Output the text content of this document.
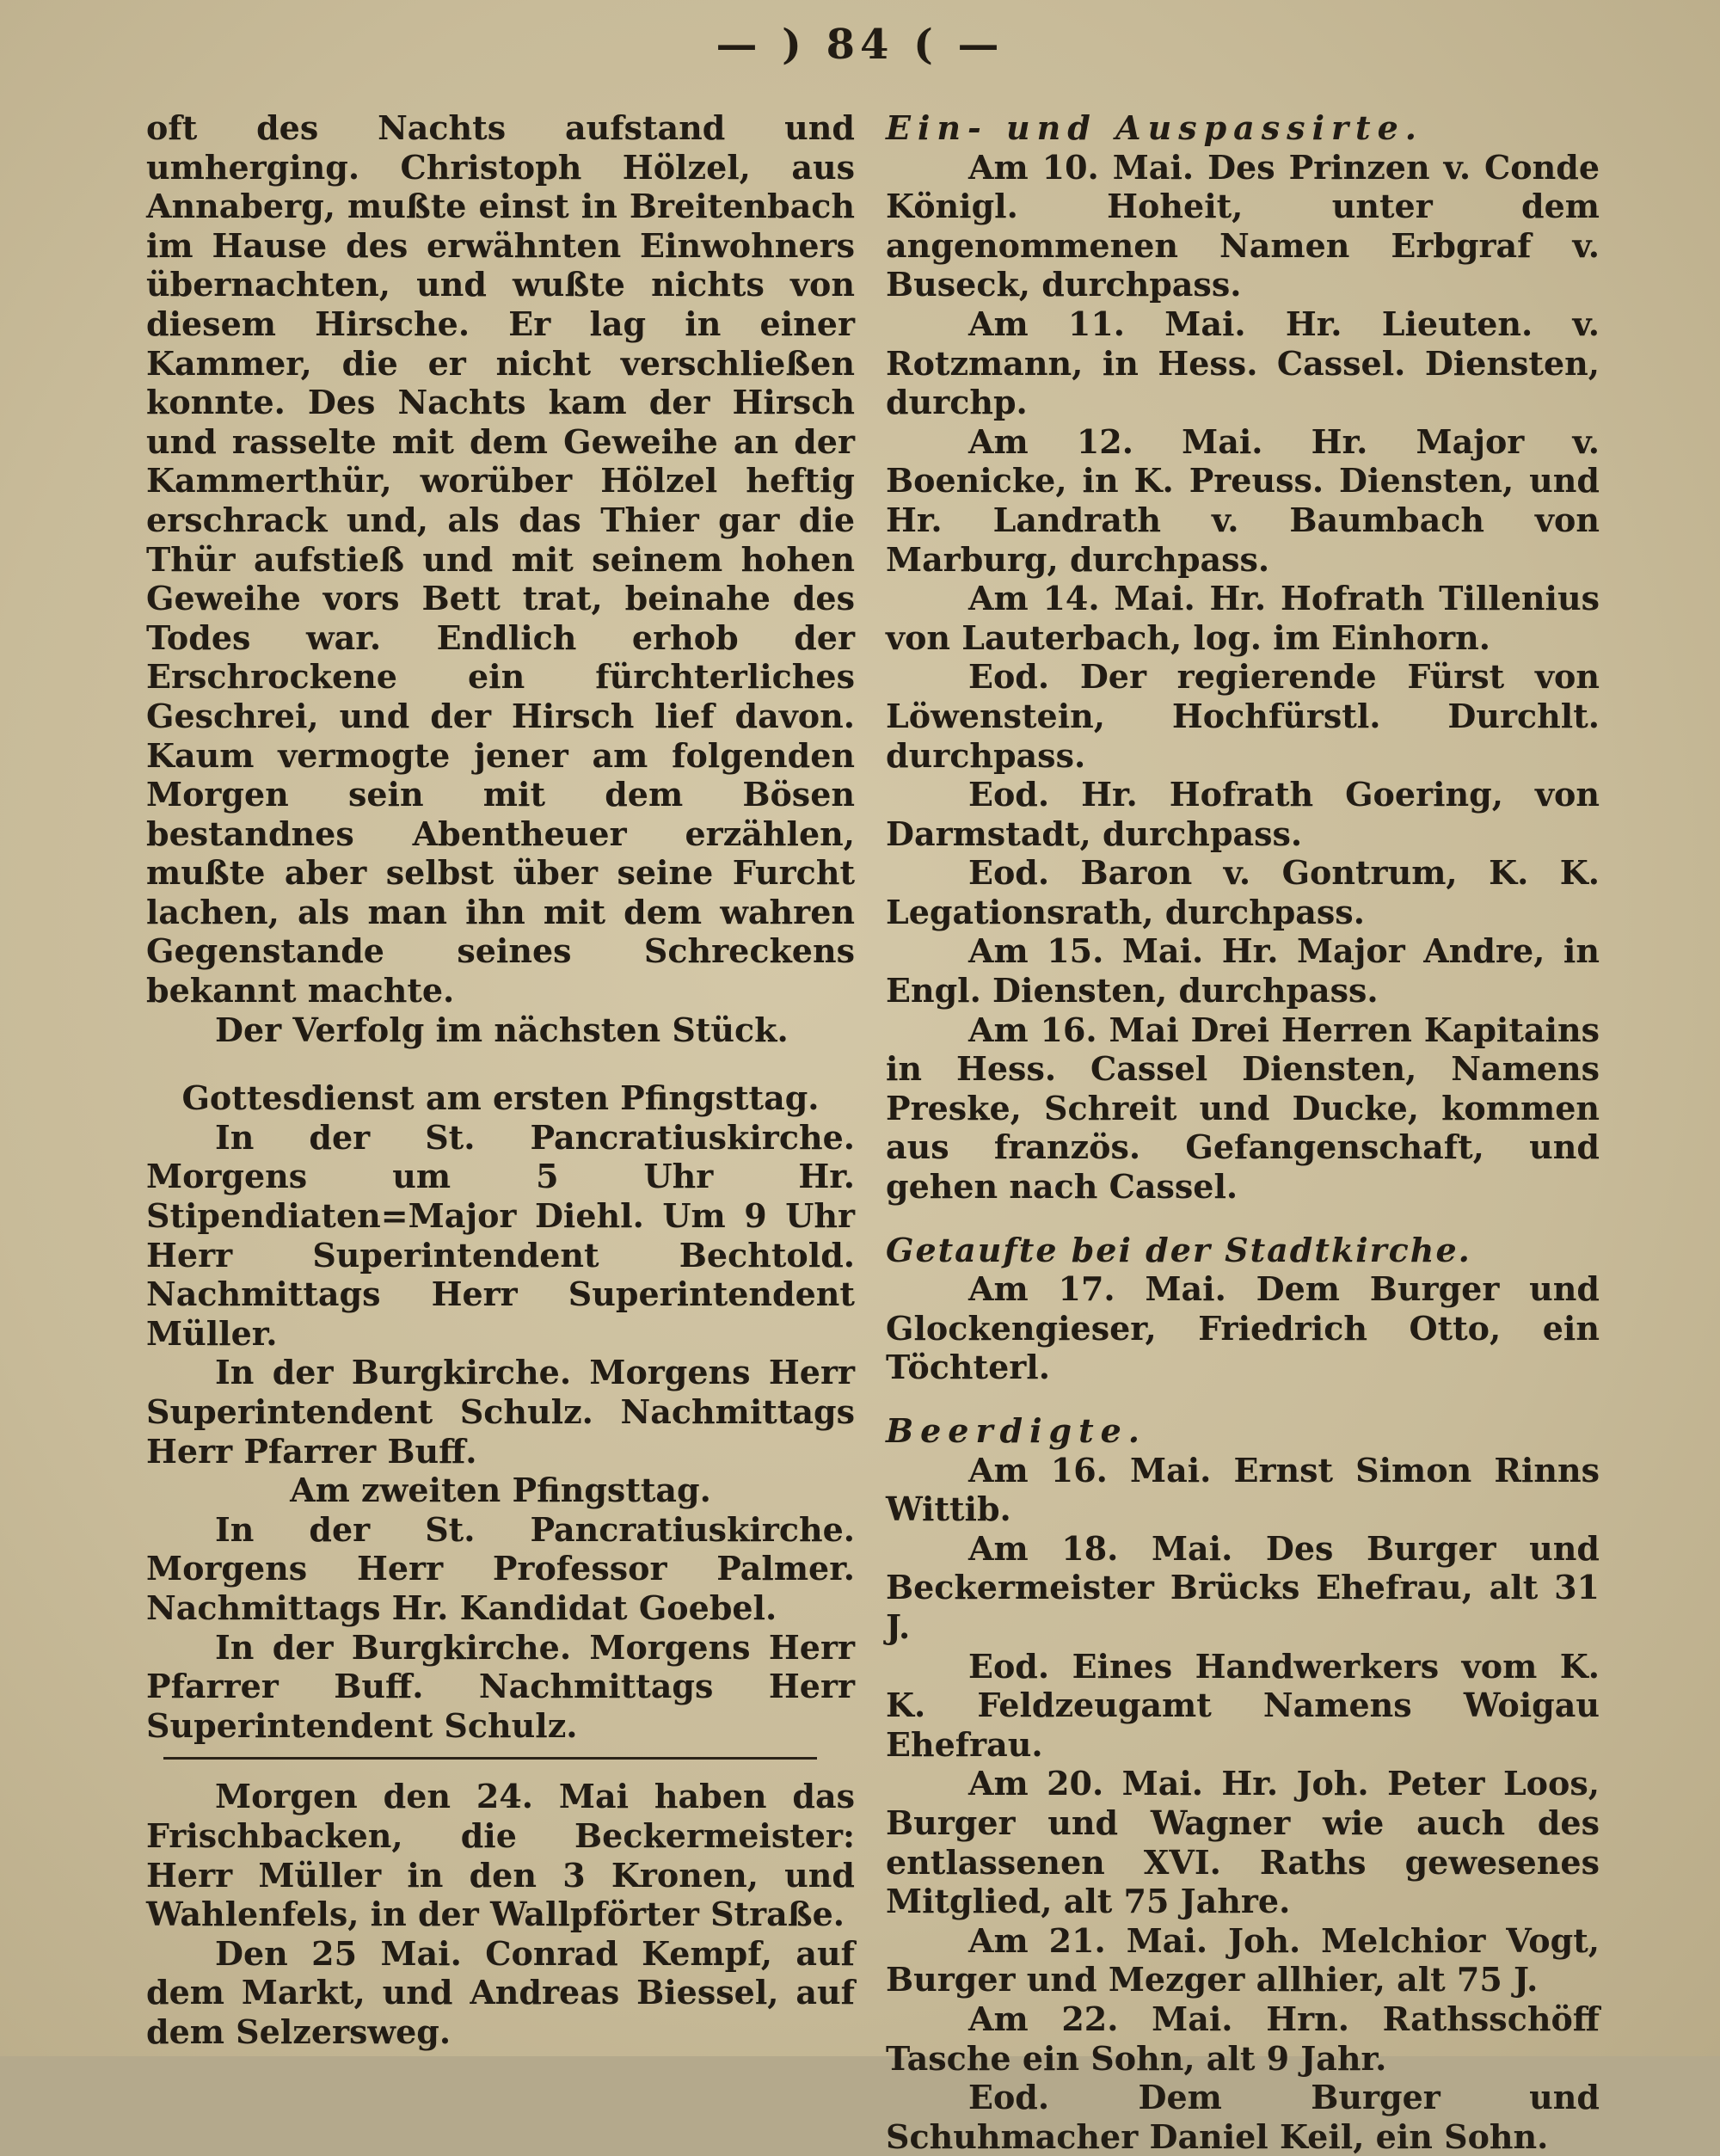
— ) 84 ( —

oft des Nachts aufstand und umherging. Christoph Hölzel, aus Annaberg, mußte einst in Breitenbach im Hause des erwähnten Einwohners übernachten, und wußte nichts von diesem Hirsche. Er lag in einer Kammer, die er nicht verschließen konnte. Des Nachts kam der Hirsch und rasselte mit dem Geweihe an der Kammerthür, worüber Hölzel heftig erschrack und, als das Thier gar die Thür aufstieß und mit seinem hohen Geweihe vors Bett trat, beinahe des Todes war. Endlich erhob der Erschrockene ein fürchterliches Geschrei, und der Hirsch lief davon. Kaum vermogte jener am folgenden Morgen sein mit dem Bösen bestandnes Abentheuer erzählen, mußte aber selbst über seine Furcht lachen, als man ihn mit dem wahren Gegenstande seines Schreckens bekannt machte.

Der Verfolg im nächsten Stück.

Gottesdienst am ersten Pfingsttag.

In der St. Pancratiuskirche. Morgens um 5 Uhr Hr. Stipendiaten=Major Diehl. Um 9 Uhr Herr Superintendent Bechtold. Nachmittags Herr Superintendent Müller.

In der Burgkirche. Morgens Herr Superintendent Schulz. Nachmittags Herr Pfarrer Buff.

Am zweiten Pfingsttag.

In der St. Pancratiuskirche. Morgens Herr Professor Palmer. Nachmittags Hr. Kandidat Goebel.

In der Burgkirche. Morgens Herr Pfarrer Buff. Nachmittags Herr Superintendent Schulz.

Morgen den 24. Mai haben das Frischbacken, die Beckermeister: Herr Müller in den 3 Kronen, und Wahlenfels, in der Wallpförter Straße.

Den 25 Mai. Conrad Kempf, auf dem Markt, und Andreas Biessel, auf dem Selzersweg.

Ein- und Auspassirte.

Am 10. Mai. Des Prinzen v. Conde Königl. Hoheit, unter dem angenommenen Namen Erbgraf v. Buseck, durchpass.

Am 11. Mai. Hr. Lieuten. v. Rotzmann, in Hess. Cassel. Diensten, durchp.

Am 12. Mai. Hr. Major v. Boenicke, in K. Preuss. Diensten, und Hr. Landrath v. Baumbach von Marburg, durchpass.

Am 14. Mai. Hr. Hofrath Tillenius von Lauterbach, log. im Einhorn.

Eod. Der regierende Fürst von Löwenstein, Hochfürstl. Durchlt. durchpass.

Eod. Hr. Hofrath Goering, von Darmstadt, durchpass.

Eod. Baron v. Gontrum, K. K. Legationsrath, durchpass.

Am 15. Mai. Hr. Major Andre, in Engl. Diensten, durchpass.

Am 16. Mai Drei Herren Kapitains in Hess. Cassel Diensten, Namens Preske, Schreit und Ducke, kommen aus französ. Gefangenschaft, und gehen nach Cassel.

Getaufte bei der Stadtkirche.

Am 17. Mai. Dem Burger und Glockengieser, Friedrich Otto, ein Töchterl.

Beerdigte.

Am 16. Mai. Ernst Simon Rinns Wittib.

Am 18. Mai. Des Burger und Beckermeister Brücks Ehefrau, alt 31 J.

Eod. Eines Handwerkers vom K. K. Feldzeugamt Namens Woigau Ehefrau.

Am 20. Mai. Hr. Joh. Peter Loos, Burger und Wagner wie auch des entlassenen XVI. Raths gewesenes Mitglied, alt 75 Jahre.

Am 21. Mai. Joh. Melchior Vogt, Burger und Mezger allhier, alt 75 J.

Am 22. Mai. Hrn. Rathsschöff Tasche ein Sohn, alt 9 Jahr.

Eod. Dem Burger und Schuhmacher Daniel Keil, ein Sohn.
